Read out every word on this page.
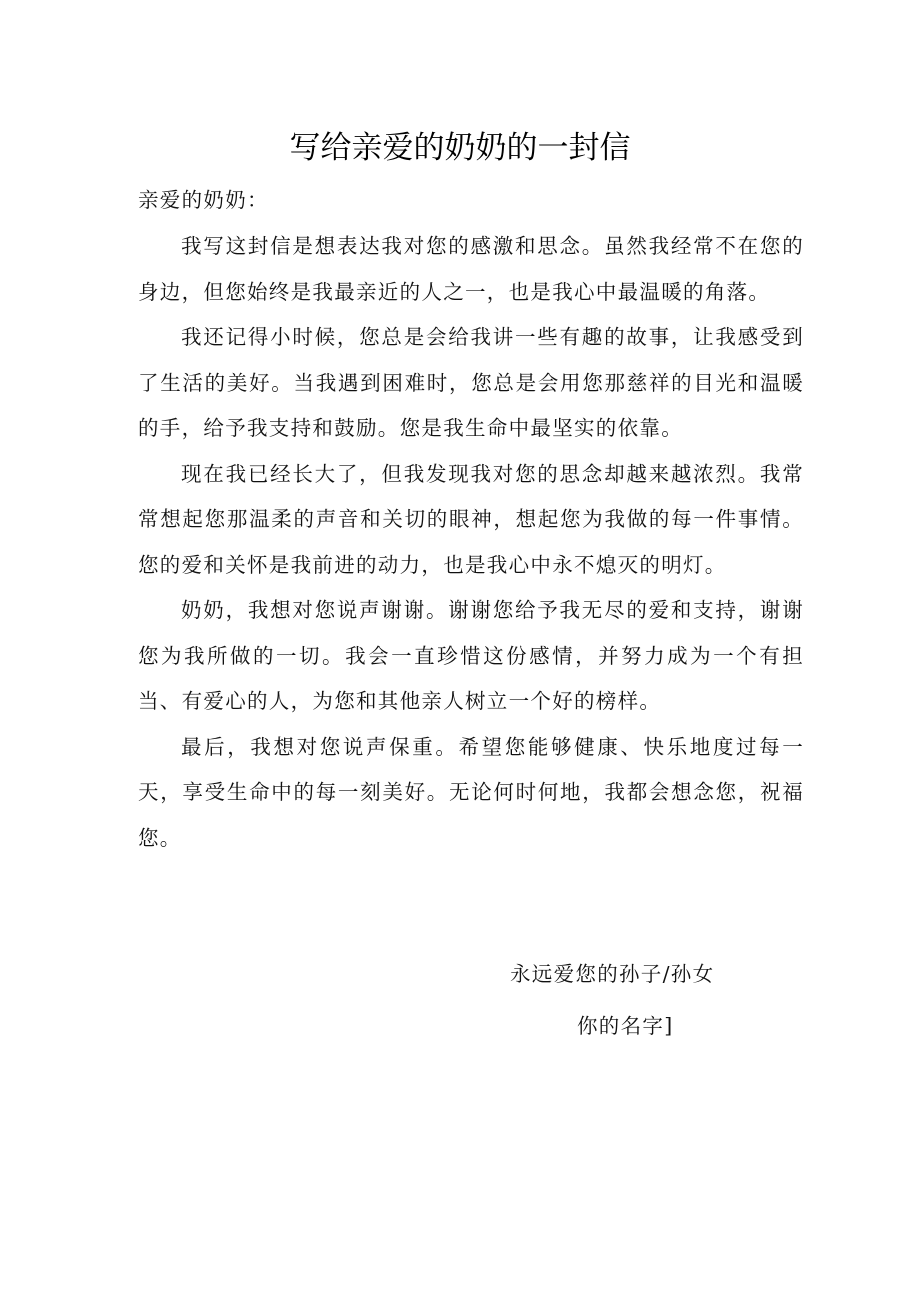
写给亲爱的奶奶的一封信
亲爱的奶奶：

我写这封信是想表达我对您的感激和思念。虽然我经常不在您的身边，但您始终是我最亲近的人之一，也是我心中最温暖的角落。

我还记得小时候，您总是会给我讲一些有趣的故事，让我感受到了生活的美好。当我遇到困难时，您总是会用您那慈祥的目光和温暖的手，给予我支持和鼓励。您是我生命中最坚实的依靠。

现在我已经长大了，但我发现我对您的思念却越来越浓烈。我常常想起您那温柔的声音和关切的眼神，想起您为我做的每一件事情。您的爱和关怀是我前进的动力，也是我心中永不熄灭的明灯。

奶奶，我想对您说声谢谢。谢谢您给予我无尽的爱和支持，谢谢您为我所做的一切。我会一直珍惜这份感情，并努力成为一个有担当、有爱心的人，为您和其他亲人树立一个好的榜样。

最后，我想对您说声保重。希望您能够健康、快乐地度过每一天，享受生命中的每一刻美好。无论何时何地，我都会想念您，祝福您。

永远爱您的孙子/孙女
你的名字]
